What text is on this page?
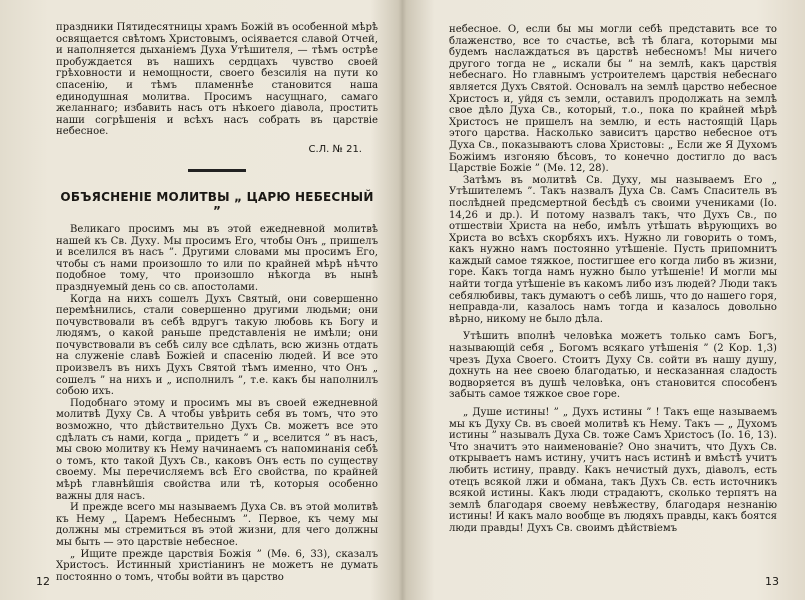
праздники Пятидесятницы храмъ Божій въ особенной мѣрѣ освящается свѣтомъ Христовымъ, осіявается славой Отчей, и наполняется дыханіемъ Духа Утѣшителя, — тѣмъ острѣе пробуждается въ нашихъ сердцахъ чувство своей грѣховности и немощности, своего безсилія на пути ко спасенію, и тѣмъ пламеннѣе становится наша единодушная молитва. Просимъ насущнаго, самаго желаннаго; избавить насъ отъ нѣкоего діавола, простить наши согрѣшенія и всѣхъ насъ собрать въ царствіе небесное.

С.Л. № 21.
ОБЪЯСНЕНІЕ МОЛИТВЫ „ ЦАРЮ НЕБЕСНЫЙ ”

Великаго просимъ мы въ этой ежедневной молитвѣ нашей къ Св. Духу. Мы просимъ Его, чтобы Онъ „ пришелъ и вселился въ насъ ”. Другими словами мы просимъ Его, чтобы съ нами произошло то или по крайней мѣрѣ нѣчто подобное тому, что произошло нѣкогда въ нынѣ празднуемый день со св. апостолами.

Когда на нихъ сошелъ Духъ Святый, они совершенно перемѣнились, стали совершенно другими людьми; они почувствовали въ себѣ вдругъ такую любовь къ Богу и людямъ, о какой раньше представленія не имѣли; они почувствовали въ себѣ силу все сдѣлать, всю жизнь отдать на служеніе славѣ Божіей и спасенію людей. И все это произвелъ въ нихъ Духъ Святой тѣмъ именно, что Онъ „ сошелъ ” на нихъ и „ исполнилъ ”, т.е. какъ бы наполнилъ собою ихъ.

Подобнаго этому и просимъ мы въ своей ежедневной молитвѣ Духу Св. А чтобы увѣрить себя въ томъ, что это возможно, что дѣйствительно Духъ Св. можетъ все это сдѣлать съ нами, когда „ придетъ ” и „ вселится ” въ насъ, мы свою молитву къ Нему начинаемъ съ напоминанія себѣ о томъ, кто такой Духъ Св., каковъ Онъ есть по существу своему. Мы перечисляемъ всѣ Его свойства, по крайней мѣрѣ главнѣйшія свойства или тѣ, которыя особенно важны для насъ.

И прежде всего мы называемъ Духа Св. въ этой молитвѣ къ Нему „ Царемъ Небеснымъ ”. Первое, къ чему мы должны мы стремиться въ этой жизни, для чего должны мы быть — это царствіе небесное.

„ Ищите прежде царствія Божія ” (Мѳ. 6, 33), сказалъ Христосъ. Истинный христіанинъ не можетъ не думать постоянно о томъ, чтобы войти въ царство

12

небесное. О, если бы мы могли себѣ представить все то блаженство, все то счастье, всѣ тѣ блага, которыми мы будемъ наслаждаться въ царствѣ небесномъ! Мы ничего другого тогда не „ искали бы ” на землѣ, какъ царствія небеснаго. Но главнымъ устроителемъ царствія небеснаго является Духъ Святой. Основалъ на землѣ царство небесное Христосъ и, уйдя съ земли, оставилъ продолжать на землѣ свое дѣло Духа Св., который, т.о., пока по крайней мѣрѣ Христосъ не пришелъ на землю, и есть настоящій Царь этого царства. Насколько зависитъ царство небесное отъ Духа Св., показываютъ слова Христовы: „ Если же Я Духомъ Божіимъ изгоняю бѣсовъ, то конечно достигло до васъ Царствіе Божіе ” (Мѳ. 12, 28).

Затѣмъ въ молитвѣ Св. Духу, мы называемъ Его „ Утѣшителемъ ”. Такъ назвалъ Духа Св. Самъ Спаситель въ послѣдней предсмертной бесѣдѣ съ своими учениками (Іо. 14,26 и др.). И потому назвалъ такъ, что Духъ Св., по отшествіи Христа на небо, имѣлъ утѣшать вѣрующихъ во Христа во всѣхъ скорбяхъ ихъ. Нужно ли говорить о томъ, какъ нужно намъ постоянно утѣшеніе. Пусть припомнитъ каждый самое тяжкое, постигшее его когда либо въ жизни, горе. Какъ тогда намъ нужно было утѣшеніе! И могли мы найти тогда утѣшеніе въ какомъ либо изъ людей? Люди такъ себялюбивы, такъ думаютъ о себѣ лишь, что до нашего горя, неправда-ли, казалось намъ тогда и казалось довольно вѣрно, никому не было дѣла.

Утѣшить вполнѣ человѣка можетъ только самъ Богъ, называющій себя „ Богомъ всякаго утѣшенія ” (2 Кор. 1,3) чрезъ Духа Своего. Стоитъ Духу Св. сойти въ нашу душу, дохнуть на нее своею благодатью, и несказанная сладость водворяется въ душѣ человѣка, онъ становится способенъ забыть самое тяжкое свое горе.

„ Душе истины! ” „ Духъ истины ” ! Такъ еще называемъ мы къ Духу Св. въ своей молитвѣ къ Нему. Такъ — „ Духомъ истины ” называлъ Духа Св. тоже Самъ Христосъ (Іо. 16, 13). Что значитъ это наименованіе? Оно значитъ, что Духъ Св. открываетъ намъ истину, учитъ насъ истинѣ и вмѣстѣ учитъ любить истину, правду. Какъ нечистый духъ, діаволъ, есть отецъ всякой лжи и обмана, такъ Духъ Св. есть источникъ всякой истины. Какъ люди страдаютъ, сколько терпятъ на землѣ благодаря своему невѣжеству, благодаря незнанію истины! И какъ мало вообще въ людяхъ правды, какъ боятся люди правды! Духъ Св. своимъ дѣйствіемъ

13
